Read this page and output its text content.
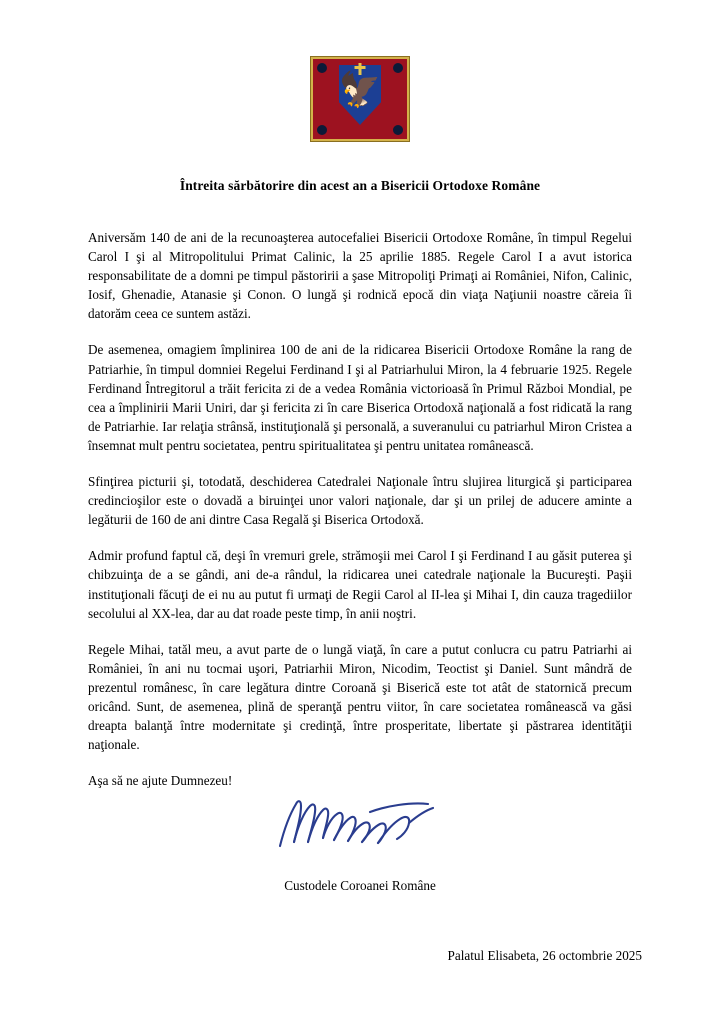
🦅
Întreita sărbătorire din acest an a Bisericii Ortodoxe Române

Aniversăm 140 de ani de la recunoaşterea autocefaliei Bisericii Ortodoxe Române, în timpul Regelui Carol I şi al Mitropolitului Primat Calinic, la 25 aprilie 1885. Regele Carol I a avut istorica responsabilitate de a domni pe timpul păstoririi a şase Mitropoliţi Primaţi ai României, Nifon, Calinic, Iosif, Ghenadie, Atanasie şi Conon. O lungă şi rodnică epocă din viaţa Naţiunii noastre căreia îi datorăm ceea ce suntem astăzi.

De asemenea, omagiem împlinirea 100 de ani de la ridicarea Bisericii Ortodoxe Române la rang de Patriarhie, în timpul domniei Regelui Ferdinand I şi al Patriarhului Miron, la 4 februarie 1925. Regele Ferdinand Întregitorul a trăit fericita zi de a vedea România victorioasă în Primul Război Mondial, pe cea a împlinirii Marii Uniri, dar şi fericita zi în care Biserica Ortodoxă naţională a fost ridicată la rang de Patriarhie. Iar relaţia strânsă, instituţională şi personală, a suveranului cu patriarhul Miron Cristea a însemnat mult pentru societatea, pentru spiritualitatea şi pentru unitatea românească.

Sfinţirea picturii şi, totodată, deschiderea Catedralei Naţionale întru slujirea liturgică şi participarea credincioşilor este o dovadă a biruinţei unor valori naţionale, dar şi un prilej de aducere aminte a legăturii de 160 de ani dintre Casa Regală şi Biserica Ortodoxă.

Admir profund faptul că, deşi în vremuri grele, strămoşii mei Carol I şi Ferdinand I au găsit puterea şi chibzuinţa de a se gândi, ani de-a rândul, la ridicarea unei catedrale naţionale la Bucureşti. Paşii instituţionali făcuţi de ei nu au putut fi urmaţi de Regii Carol al II-lea şi Mihai I, din cauza tragediilor secolului al XX-lea, dar au dat roade peste timp, în anii noştri.

Regele Mihai, tatăl meu, a avut parte de o lungă viaţă, în care a putut conlucra cu patru Patriarhi ai României, în ani nu tocmai uşori, Patriarhii Miron, Nicodim, Teoctist şi Daniel. Sunt mândră de prezentul românesc, în care legătura dintre Coroană şi Biserică este tot atât de statornică precum oricând. Sunt, de asemenea, plină de speranţă pentru viitor, în care societatea românească va găsi dreapta balanţă între modernitate şi credinţă, între prosperitate, libertate şi păstrarea identităţii naţionale.

Aşa să ne ajute Dumnezeu!

Custodele Coroanei Române
Palatul Elisabeta, 26 octombrie 2025
